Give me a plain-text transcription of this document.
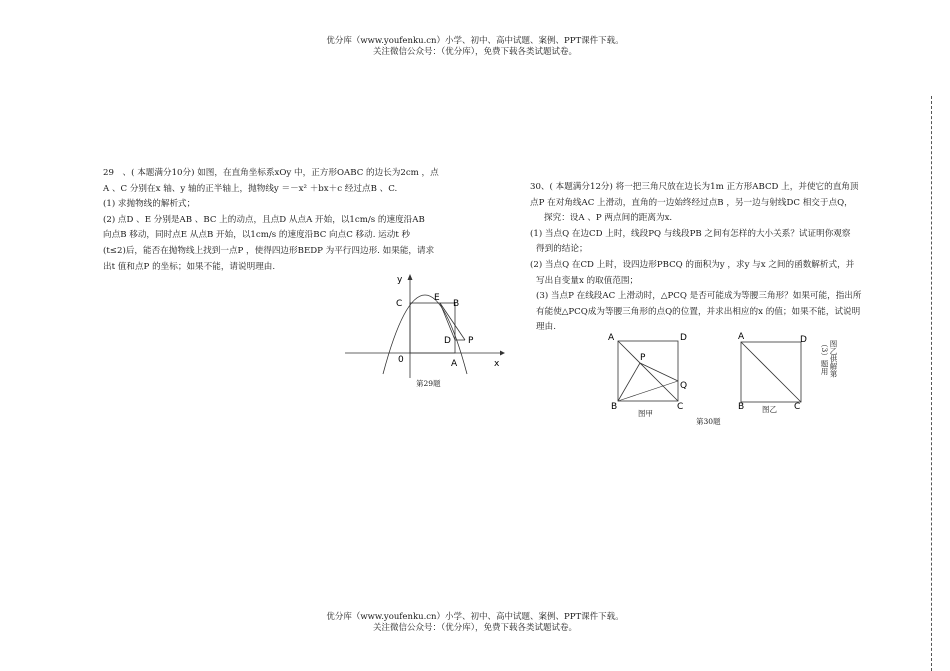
优分库（www.youfenku.cn）小学、初中、高中试题、案例、PPT课件下载。
关注微信公众号：（优分库），免费下载各类试题试卷。

29　、( 本题满分10分) 如图，在直角坐标系xOy 中，正方形OABC 的边长为2cm ，点

A 、C 分别在x 轴、y 轴的正半轴上，抛物线y ＝－x² ＋bx＋c 经过点B 、C.

(1) 求抛物线的解析式；

(2) 点D 、E 分别是AB 、BC 上的动点，且点D 从点A 开始，以1cm/s 的速度沿AB

向点B 移动，同时点E 从点B 开始，以1cm/s 的速度沿BC 向点C 移动. 运动t 秒

(t≤2)后，能否在抛物线上找到一点P ，使得四边形BEDP 为平行四边形. 如果能，请求

出t 值和点P 的坐标；如果不能，请说明理由.

y
x
0
C
E
B
D P
A
第29题

30、( 本题满分12分) 将一把三角尺放在边长为1m 正方形ABCD 上，并使它的直角顶

点P 在对角线AC 上滑动，直角的一边始终经过点B ，另一边与射线DC 相交于点Q，

探究：设A 、P 两点间的距离为x.

(1) 当点Q 在边CD 上时，线段PQ 与线段PB 之间有怎样的大小关系？试证明你观察

得到的结论；

(2) 当点Q 在CD 上时，设四边形PBCQ 的面积为y ，求y 与x 之间的函数解析式，并

写出自变量x 的取值范围；

(3) 当点P 在线段AC 上滑动时，△PCQ 是否可能成为等腰三角形？如果可能，指出所

有能使△PCQ成为等腰三角形的点Q的位置，并求出相应的x 的值；如果不能，试说明

理由.

A	D
P
Q
B	C
图甲
A	D
B	C
图乙
图乙供解第（3）题用
第30题
优分库（www.youfenku.cn）小学、初中、高中试题、案例、PPT课件下载。
关注微信公众号：（优分库），免费下载各类试题试卷。
